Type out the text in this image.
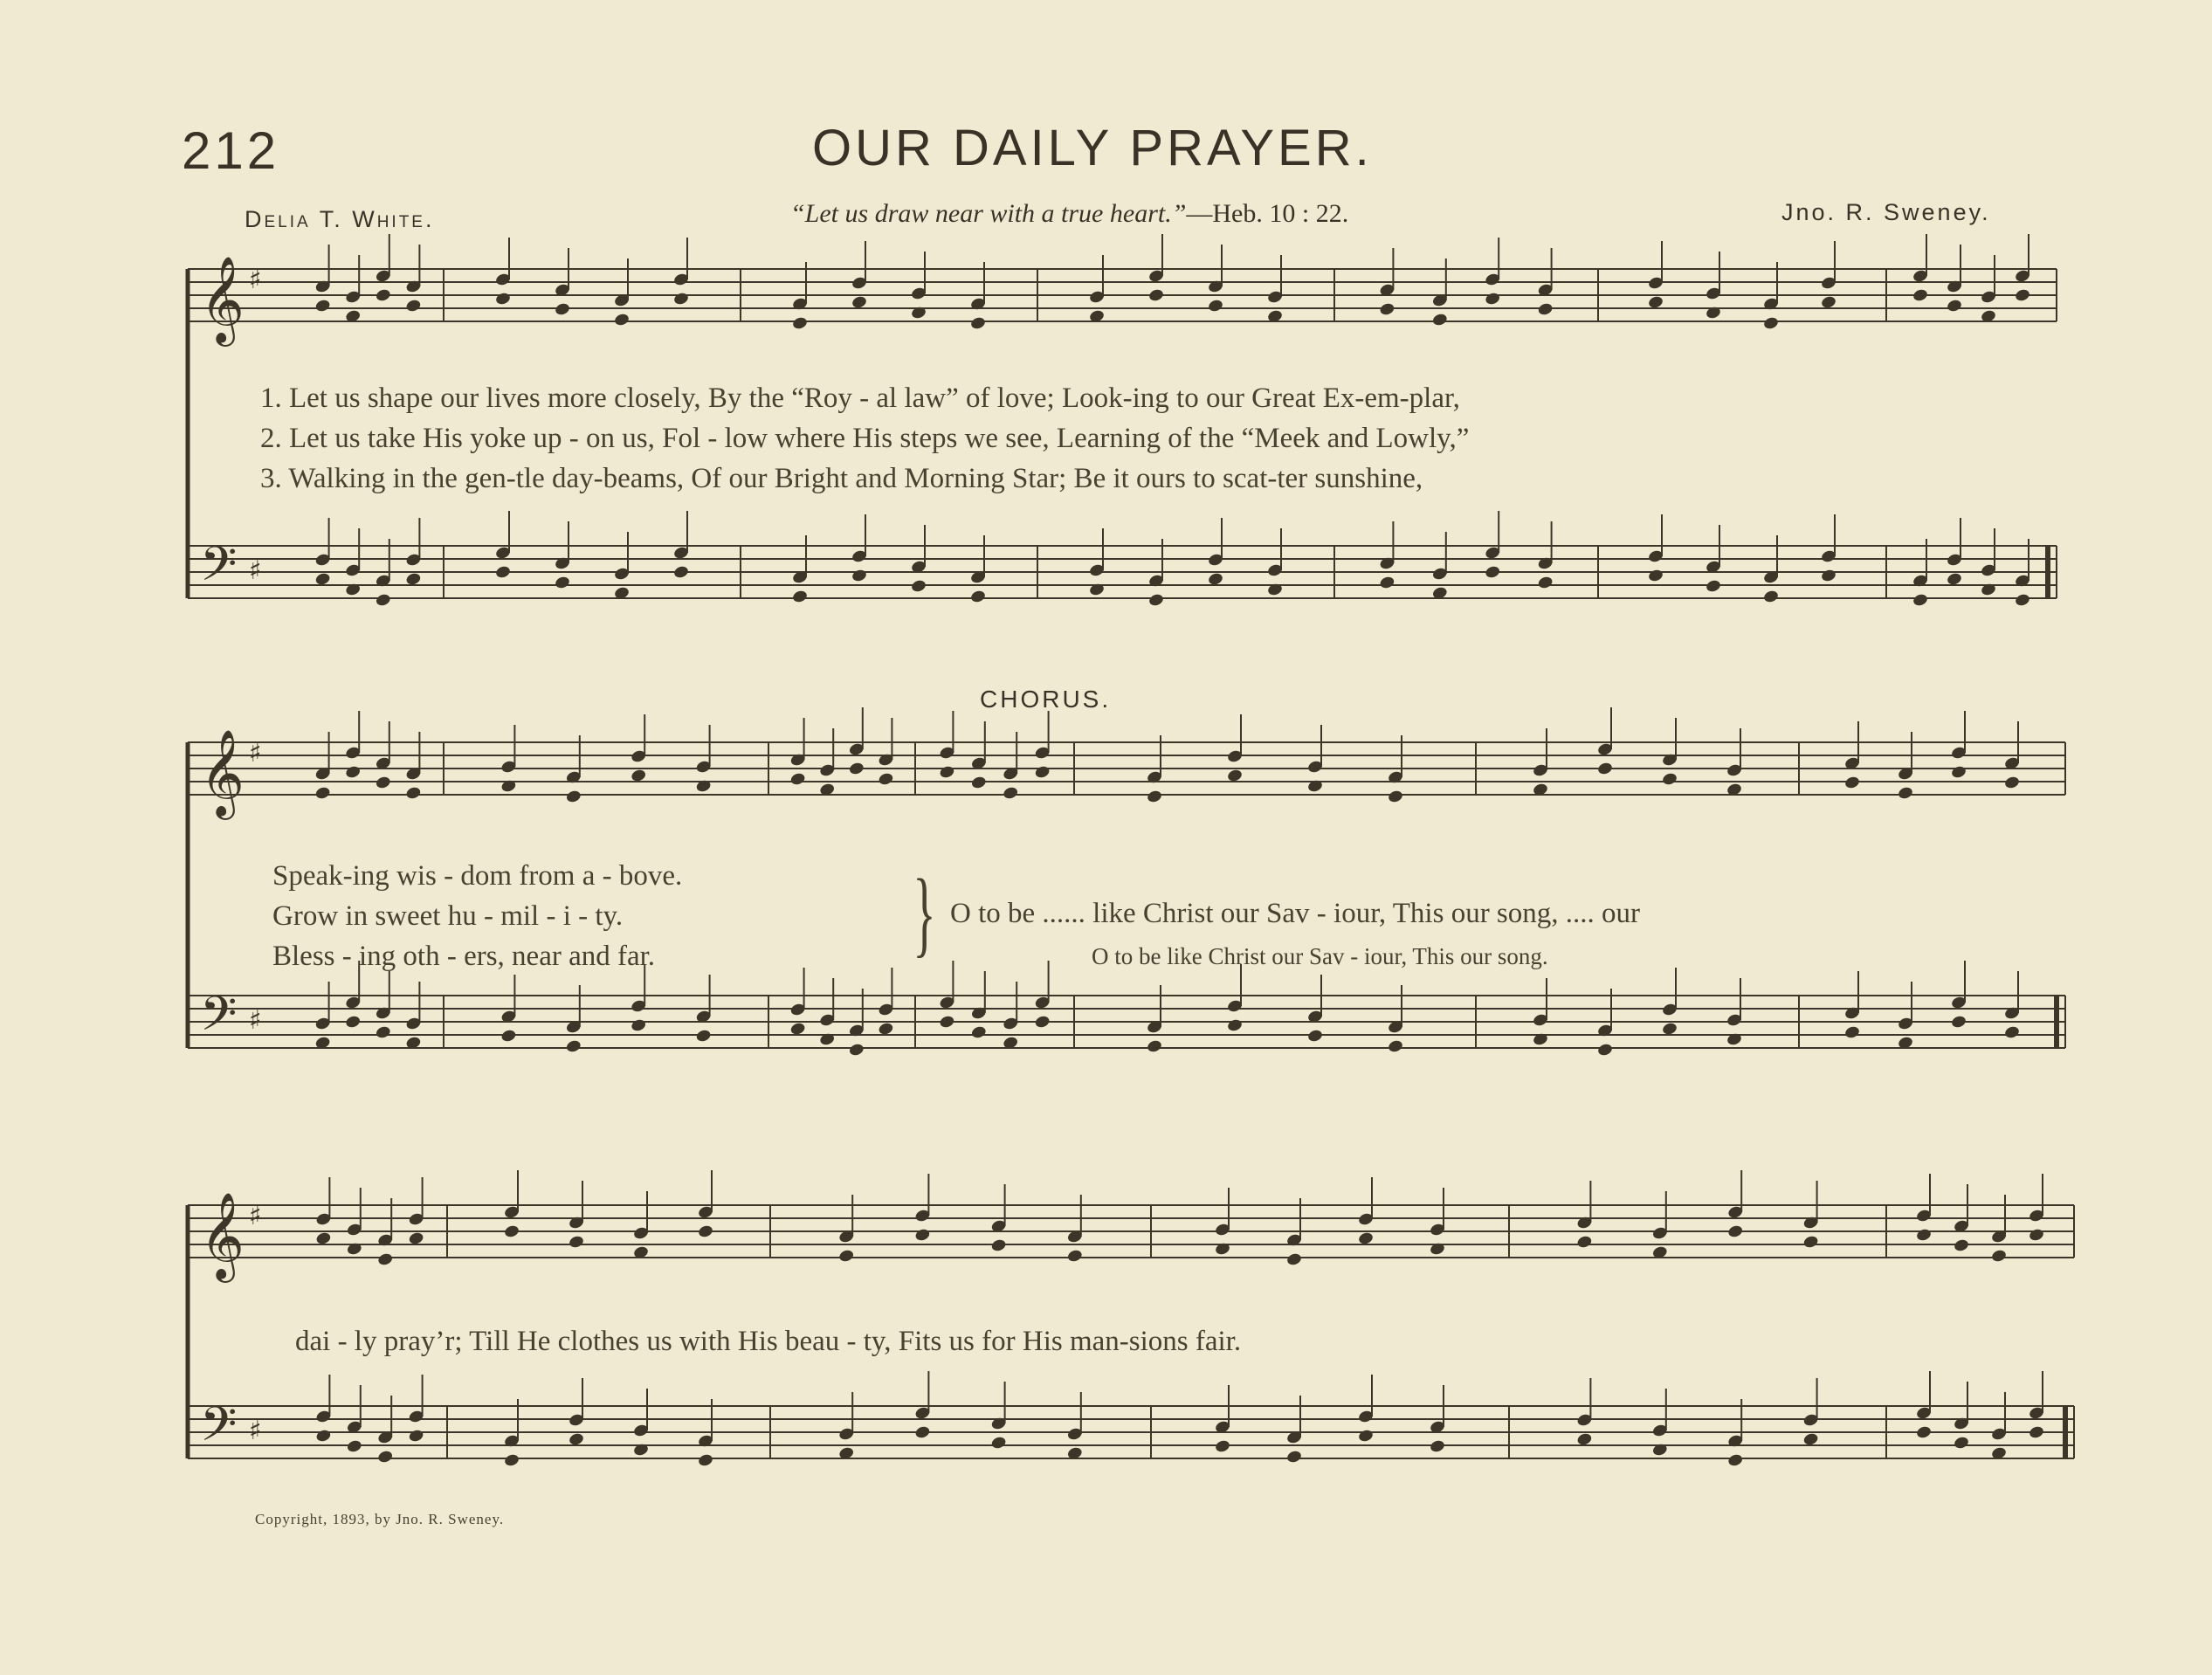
𝄞 ♯
𝄢 ♯
𝄞 ♯
𝄢 ♯
𝄞 ♯
𝄢 ♯
212	OUR DAILY PRAYER.
Delia T. White.	“Let us draw near with a true heart.”—Heb. 10 : 22.	Jno. R. Sweney.
1. Let us shape our lives more closely, By the “Roy - al law” of love; Look-ing to our Great Ex-em-plar,
2. Let us take His yoke up - on us, Fol - low where His steps we see, Learning of the “Meek and Lowly,”
3. Walking in the gen-tle day-beams, Of our Bright and Morning Star; Be it ours to scat-ter sunshine,
CHORUS.
Speak-ing wis - dom from a - bove.
Grow in sweet hu - mil - i - ty.
Bless - ing oth - ers, near and far.	} O to be ...... like Christ our Sav - iour, This our song, .... our
O to be like Christ our Sav - iour, This our song.
dai - ly pray’r; Till He clothes us with His beau - ty, Fits us for His man-sions fair.
Copyright, 1893, by Jno. R. Sweney.
